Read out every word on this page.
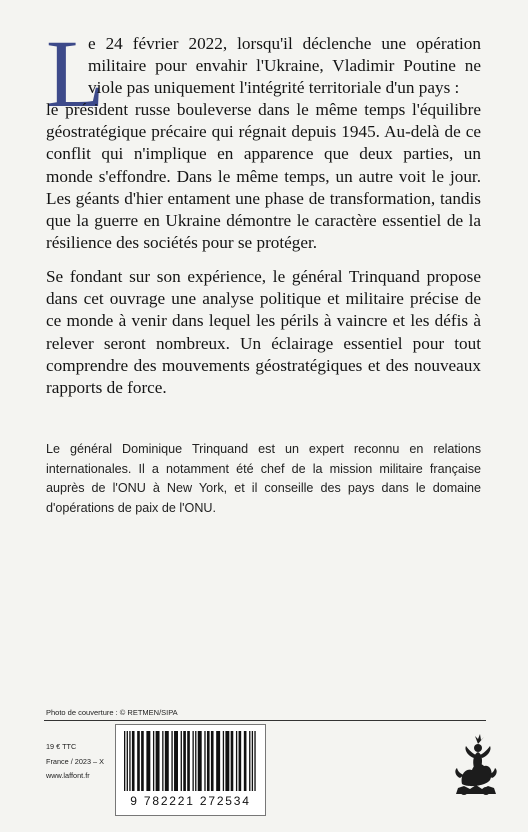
L

e 24 février 2022, lorsqu'il déclenche une opération militaire pour envahir l'Ukraine, Vladimir Poutine ne viole pas uniquement l'intégrité territoriale d'un pays :

le président russe bouleverse dans le même temps l'équilibre géostratégique précaire qui régnait depuis 1945. Au-delà de ce conflit qui n'implique en apparence que deux parties, un monde s'effondre. Dans le même temps, un autre voit le jour. Les géants d'hier entament une phase de transformation, tandis que la guerre en Ukraine démontre le caractère essentiel de la résilience des sociétés pour se protéger.

Se fondant sur son expérience, le général Trinquand propose dans cet ouvrage une analyse politique et militaire précise de ce monde à venir dans lequel les périls à vaincre et les défis à relever seront nombreux. Un éclairage essentiel pour tout comprendre des mouvements géostratégiques et des nouveaux rapports de force.

Le général Dominique Trinquand est un expert reconnu en relations internationales. Il a notamment été chef de la mission militaire française auprès de l'ONU à New York, et il conseille des pays dans le domaine d'opérations de paix de l'ONU.

Photo de couverture : © RETMEN/SIPA
19 € TTC
France / 2023 – X
www.laffont.fr
9 782221 272534
